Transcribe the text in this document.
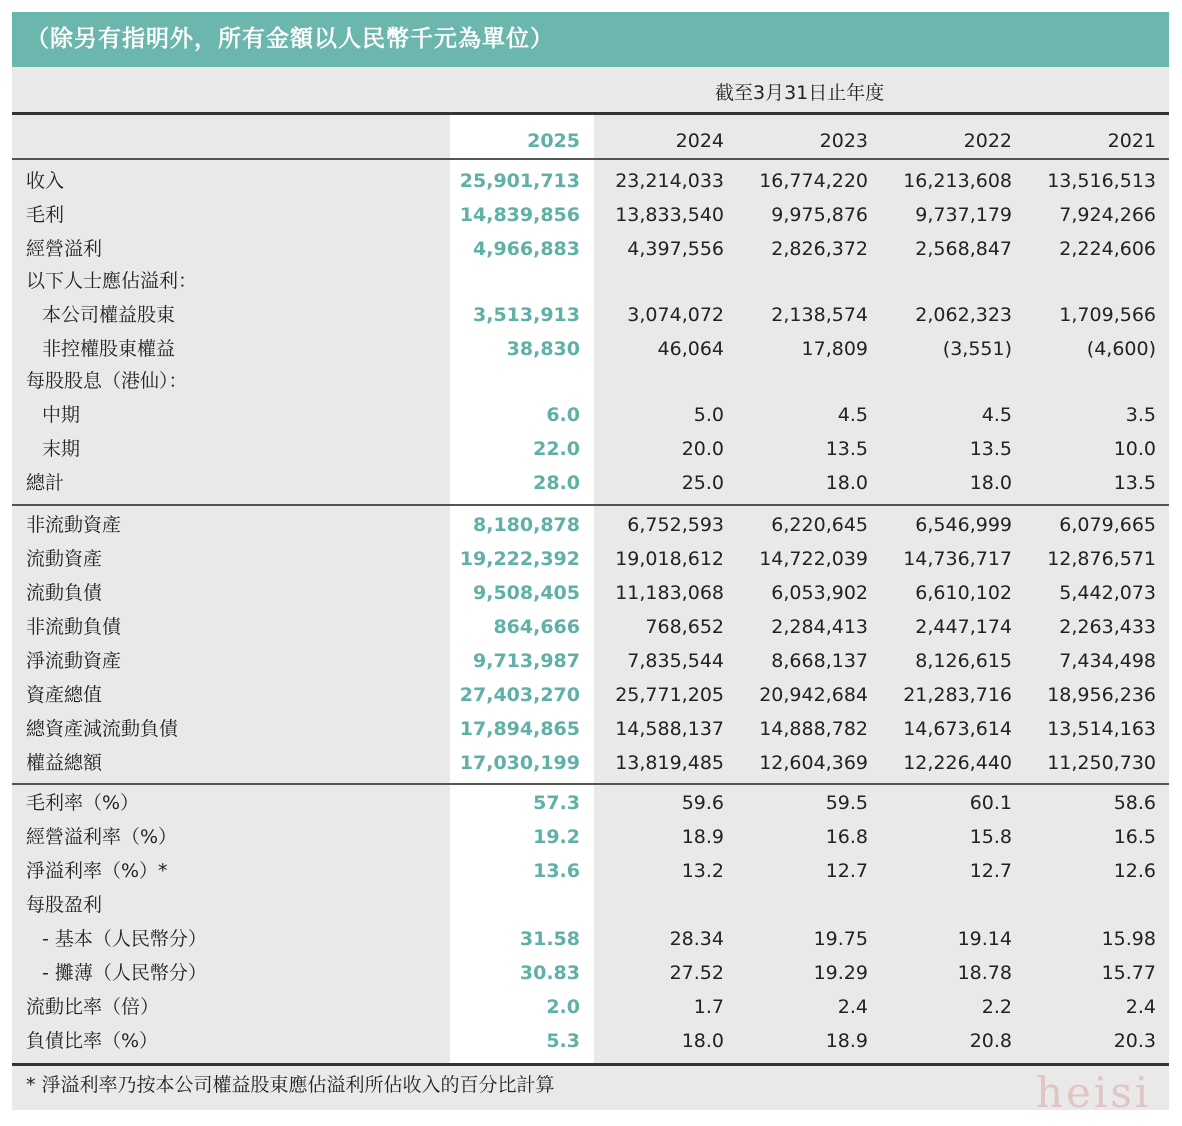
（除另有指明外，所有金額以人民幣千元為單位）
截至3月31日止年度
2025	2024	2023	2022	2021
收入	25,901,713	23,214,033	16,774,220	16,213,608	13,516,513
毛利	14,839,856	13,833,540	9,975,876	9,737,179	7,924,266
經營溢利	4,966,883	4,397,556	2,826,372	2,568,847	2,224,606
以下人士應佔溢利：
本公司權益股東	3,513,913	3,074,072	2,138,574	2,062,323	1,709,566
非控權股東權益	38,830	46,064	17,809	(3,551)	(4,600)
每股股息（港仙）：
中期	6.0	5.0	4.5	4.5	3.5
末期	22.0	20.0	13.5	13.5	10.0
總計	28.0	25.0	18.0	18.0	13.5
非流動資產	8,180,878	6,752,593	6,220,645	6,546,999	6,079,665
流動資產	19,222,392	19,018,612	14,722,039	14,736,717	12,876,571
流動負債	9,508,405	11,183,068	6,053,902	6,610,102	5,442,073
非流動負債	864,666	768,652	2,284,413	2,447,174	2,263,433
淨流動資產	9,713,987	7,835,544	8,668,137	8,126,615	7,434,498
資產總值	27,403,270	25,771,205	20,942,684	21,283,716	18,956,236
總資產減流動負債	17,894,865	14,588,137	14,888,782	14,673,614	13,514,163
權益總額	17,030,199	13,819,485	12,604,369	12,226,440	11,250,730
毛利率（%）	57.3	59.6	59.5	60.1	58.6
經營溢利率（%）	19.2	18.9	16.8	15.8	16.5
淨溢利率（%）*	13.6	13.2	12.7	12.7	12.6
每股盈利
- 基本（人民幣分）	31.58	28.34	19.75	19.14	15.98
- 攤薄（人民幣分）	30.83	27.52	19.29	18.78	15.77
流動比率（倍）	2.0	1.7	2.4	2.2	2.4
負債比率（%）	5.3	18.0	18.9	20.8	20.3
* 淨溢利率乃按本公司權益股東應佔溢利所佔收入的百分比計算	heisi
